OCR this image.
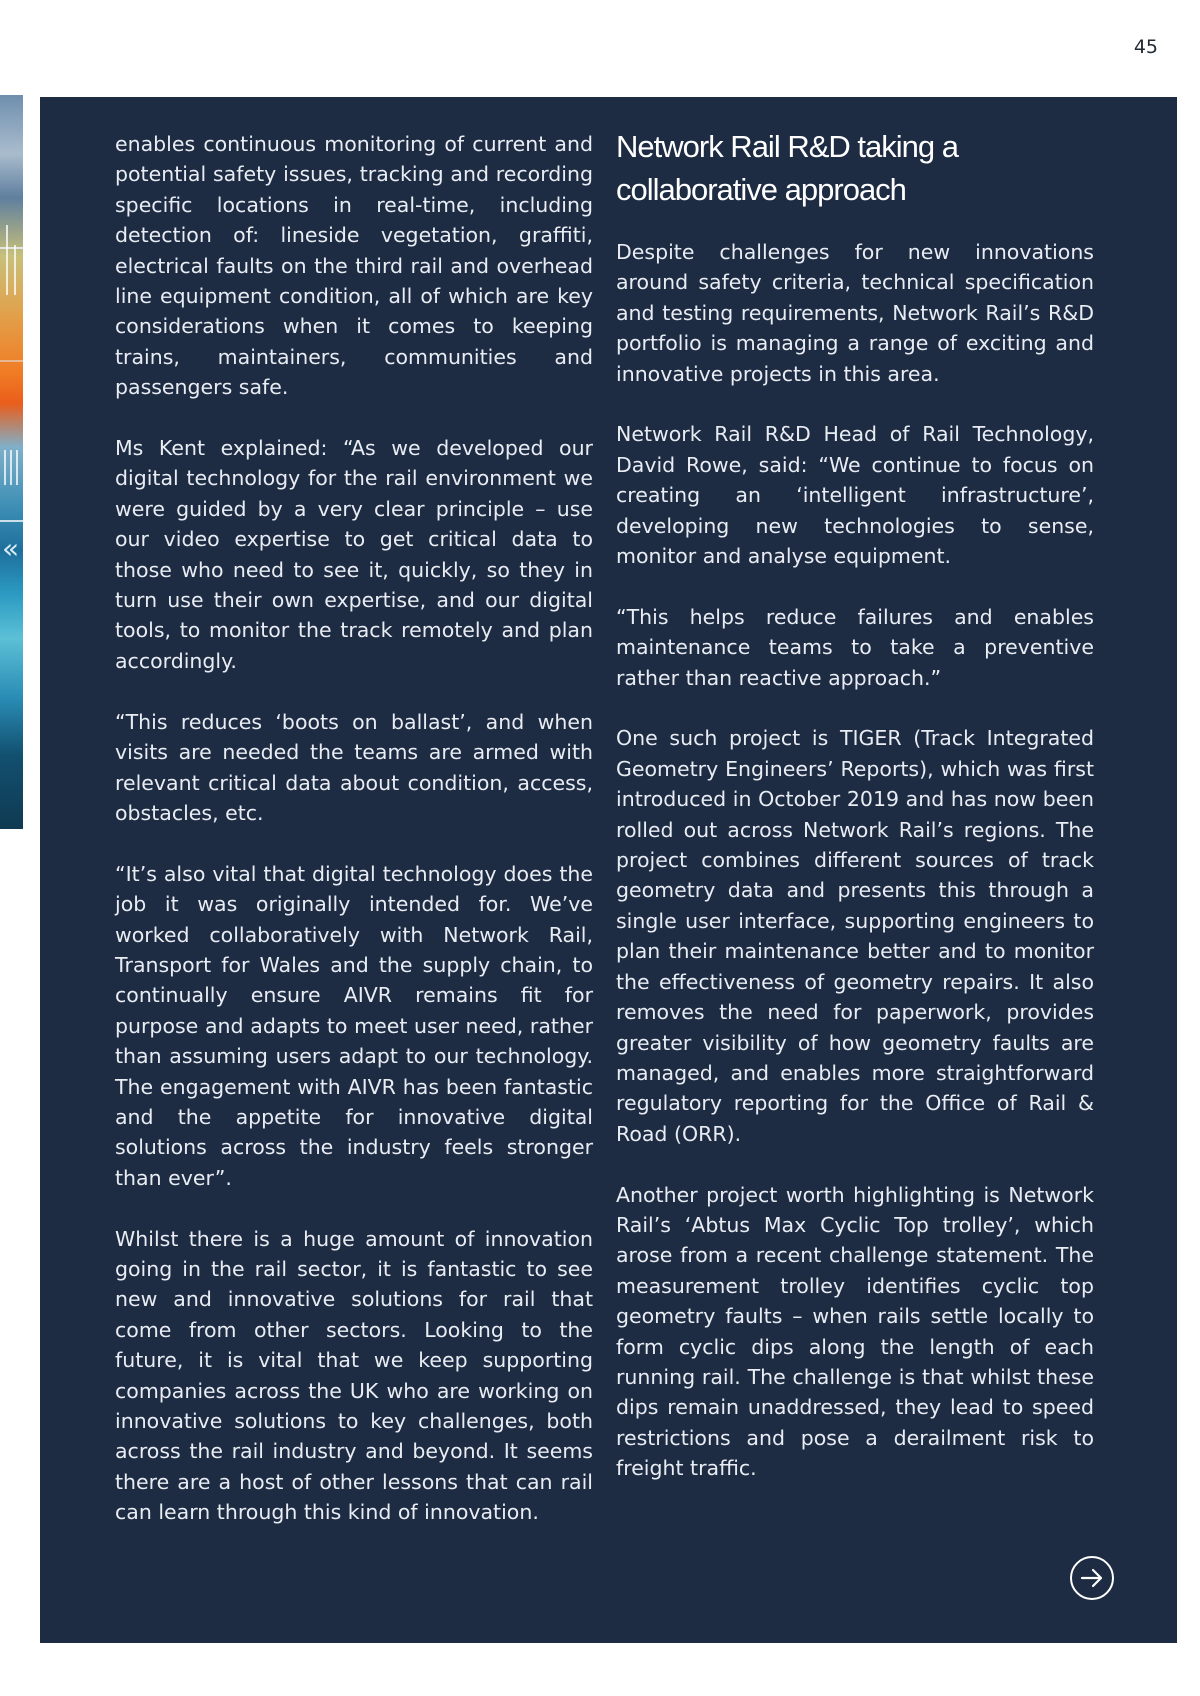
45
«

enables continuous monitoring of current and potential safety issues, tracking and recording specific locations in real-time, including detection of: lineside vegetation, graffiti, electrical faults on the third rail and overhead line equipment condition, all of which are key considerations when it comes to keeping trains, maintainers, communities and passengers safe.

Ms Kent explained: “As we developed our digital technology for the rail environment we were guided by a very clear principle – use our video expertise to get critical data to those who need to see it, quickly, so they in turn use their own expertise, and our digital tools, to monitor the track remotely and plan accordingly.

“This reduces ‘boots on ballast’, and when visits are needed the teams are armed with relevant critical data about condition, access, obstacles, etc.

“It’s also vital that digital technology does the job it was originally intended for. We’ve worked collaboratively with Network Rail, Transport for Wales and the supply chain, to continually ensure AIVR remains fit for purpose and adapts to meet user need, rather than assuming users adapt to our technology. The engagement with AIVR has been fantastic and the appetite for innovative digital solutions across the industry feels stronger than ever”.

Whilst there is a huge amount of innovation going in the rail sector, it is fantastic to see new and innovative solutions for rail that come from other sectors. Looking to the future, it is vital that we keep supporting companies across the UK who are working on innovative solutions to key challenges, both across the rail industry and beyond. It seems there are a host of other lessons that can rail can learn through this kind of innovation.

Network Rail R&D taking a collaborative approach

Despite challenges for new innovations around safety criteria, technical specification and testing requirements, Network Rail’s R&D portfolio is managing a range of exciting and innovative projects in this area.

Network Rail R&D Head of Rail Technology, David Rowe, said: “We continue to focus on creating an ‘intelligent infrastructure’, developing new technologies to sense, monitor and analyse equipment.

“This helps reduce failures and enables maintenance teams to take a preventive rather than reactive approach.”

One such project is TIGER (Track Integrated Geometry Engineers’ Reports), which was first introduced in October 2019 and has now been rolled out across Network Rail’s regions. The project combines different sources of track geometry data and presents this through a single user interface, supporting engineers to plan their maintenance better and to monitor the effectiveness of geometry repairs. It also removes the need for paperwork, provides greater visibility of how geometry faults are managed, and enables more straightforward regulatory reporting for the Office of Rail & Road (ORR).

Another project worth highlighting is Network Rail’s ‘Abtus Max Cyclic Top trolley’, which arose from a recent challenge statement. The measurement trolley identifies cyclic top geometry faults – when rails settle locally to form cyclic dips along the length of each running rail. The challenge is that whilst these dips remain unaddressed, they lead to speed restrictions and pose a derailment risk to freight traffic.
